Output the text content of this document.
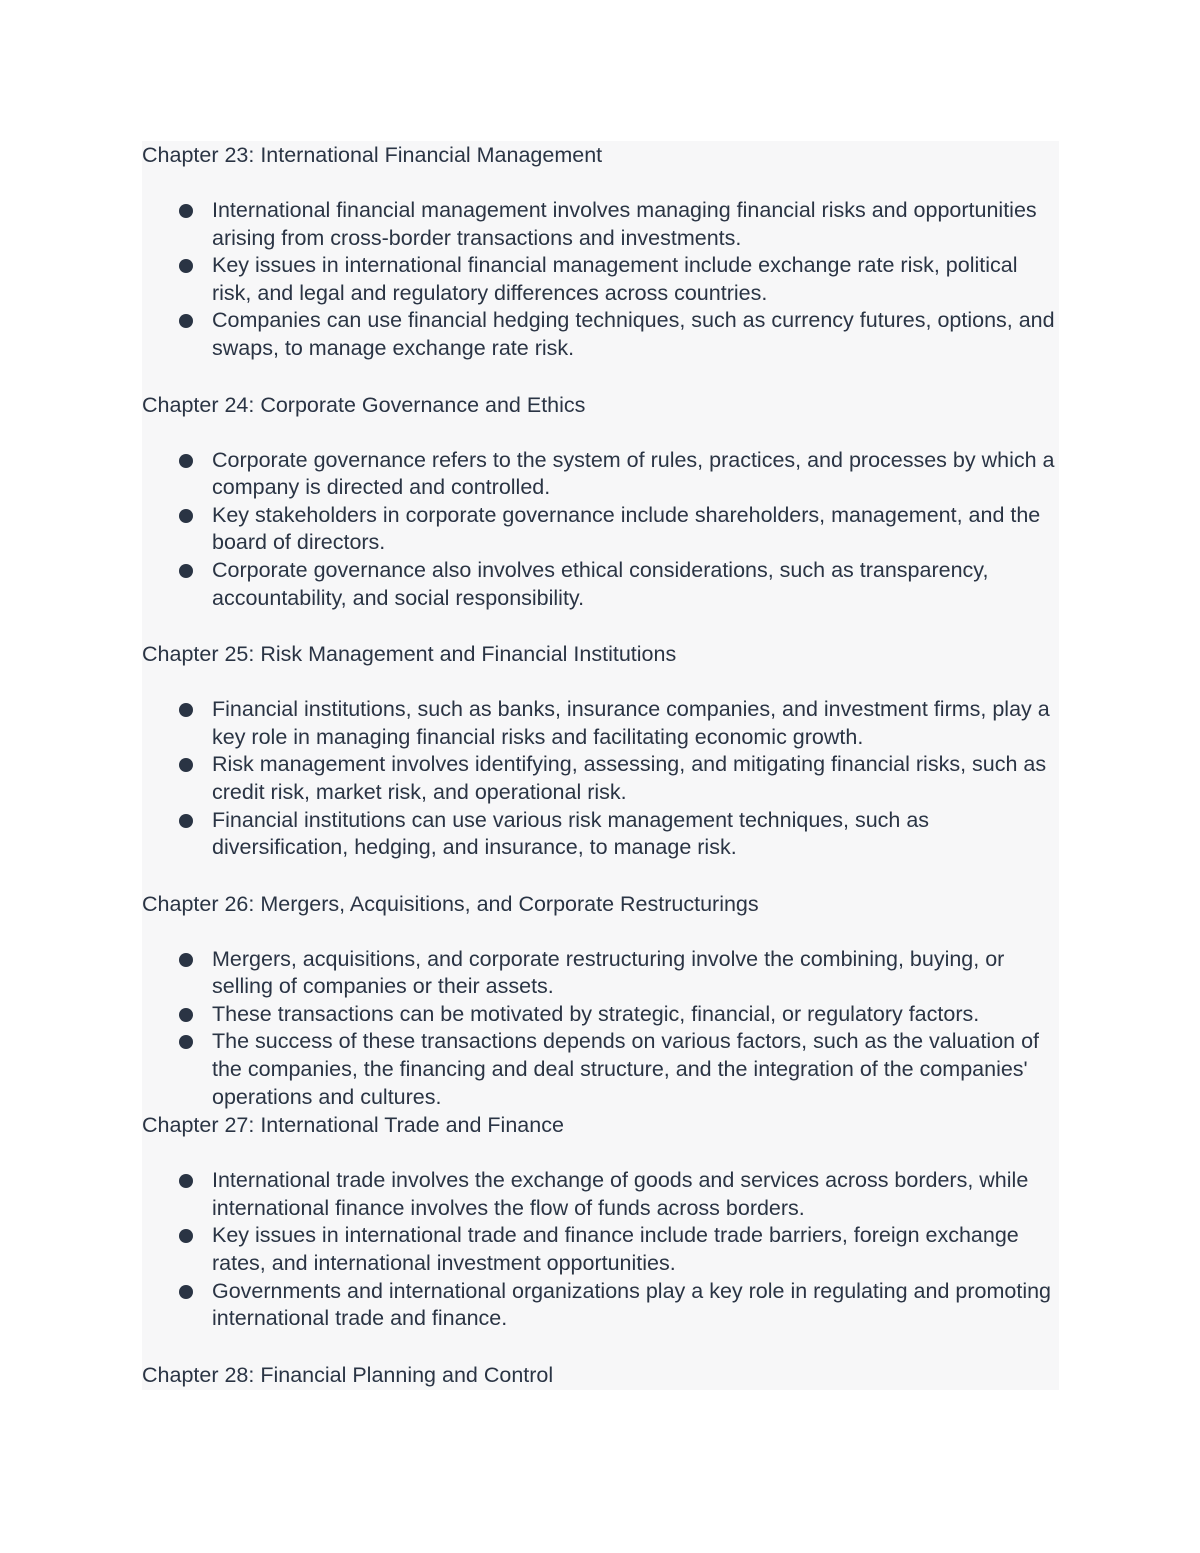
Chapter 23: International Financial Management
International financial management involves managing financial risks and opportunities arising from cross-border transactions and investments.
Key issues in international financial management include exchange rate risk, political risk, and legal and regulatory differences across countries.
Companies can use financial hedging techniques, such as currency futures, options, and swaps, to manage exchange rate risk.
Chapter 24: Corporate Governance and Ethics
Corporate governance refers to the system of rules, practices, and processes by which a company is directed and controlled.
Key stakeholders in corporate governance include shareholders, management, and the board of directors.
Corporate governance also involves ethical considerations, such as transparency, accountability, and social responsibility.
Chapter 25: Risk Management and Financial Institutions
Financial institutions, such as banks, insurance companies, and investment firms, play a key role in managing financial risks and facilitating economic growth.
Risk management involves identifying, assessing, and mitigating financial risks, such as credit risk, market risk, and operational risk.
Financial institutions can use various risk management techniques, such as diversification, hedging, and insurance, to manage risk.
Chapter 26: Mergers, Acquisitions, and Corporate Restructurings
Mergers, acquisitions, and corporate restructuring involve the combining, buying, or selling of companies or their assets.
These transactions can be motivated by strategic, financial, or regulatory factors.
The success of these transactions depends on various factors, such as the valuation of the companies, the financing and deal structure, and the integration of the companies' operations and cultures.
Chapter 27: International Trade and Finance
International trade involves the exchange of goods and services across borders, while international finance involves the flow of funds across borders.
Key issues in international trade and finance include trade barriers, foreign exchange rates, and international investment opportunities.
Governments and international organizations play a key role in regulating and promoting international trade and finance.
Chapter 28: Financial Planning and Control
